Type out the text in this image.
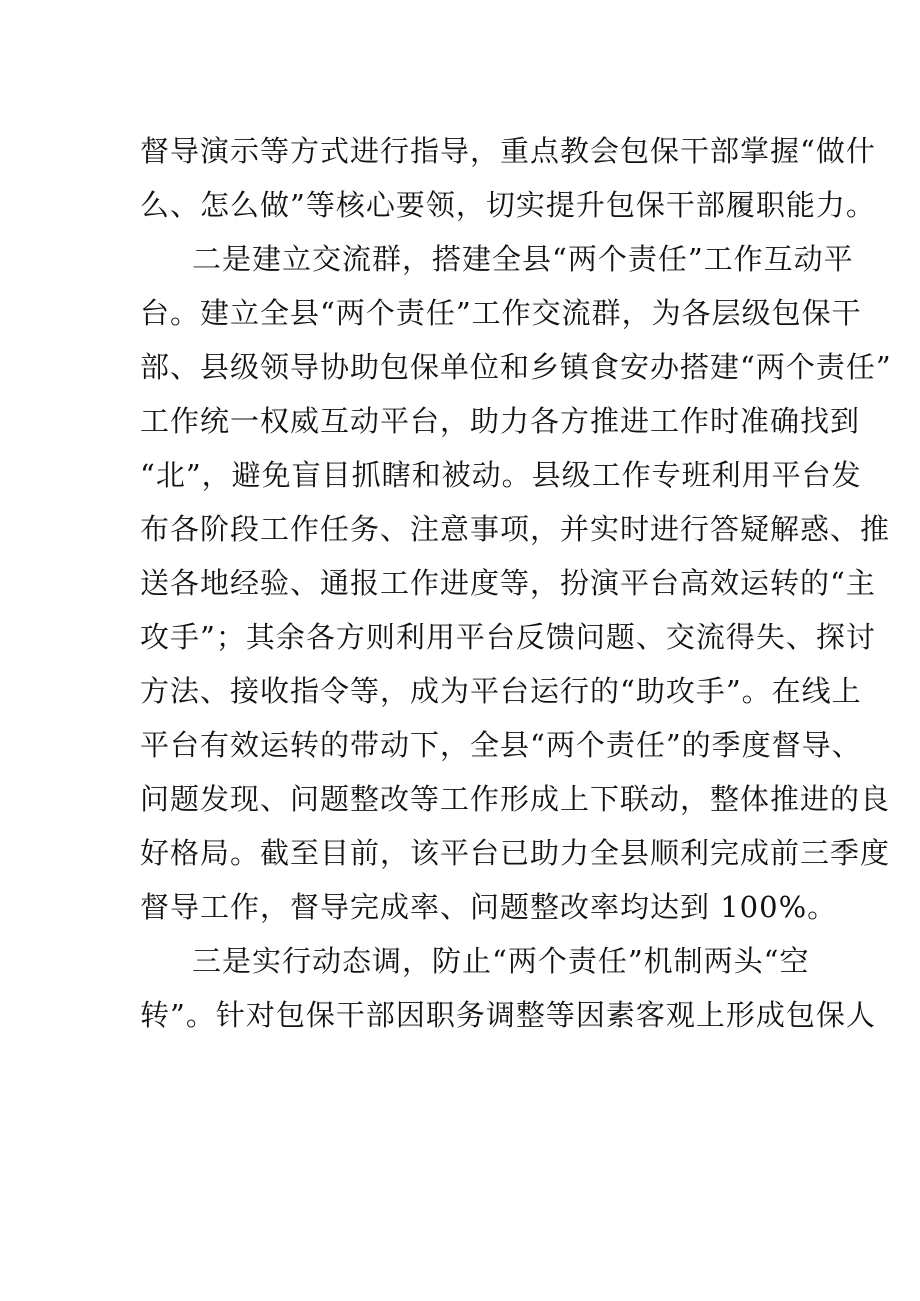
督导演示等方式进行指导，重点教会包保干部掌握“做什
么、怎么做”等核心要领，切实提升包保干部履职能力。
二是建立交流群，搭建全县“两个责任”工作互动平
台。建立全县“两个责任”工作交流群，为各层级包保干
部、县级领导协助包保单位和乡镇食安办搭建“两个责任”
工作统一权威互动平台，助力各方推进工作时准确找到
“北”，避免盲目抓瞎和被动。县级工作专班利用平台发
布各阶段工作任务、注意事项，并实时进行答疑解惑、推
送各地经验、通报工作进度等，扮演平台高效运转的“主
攻手”；其余各方则利用平台反馈问题、交流得失、探讨
方法、接收指令等，成为平台运行的“助攻手”。在线上
平台有效运转的带动下，全县“两个责任”的季度督导、
问题发现、问题整改等工作形成上下联动，整体推进的良
好格局。截至目前，该平台已助力全县顺利完成前三季度
督导工作，督导完成率、问题整改率均达到 100%。
三是实行动态调，防止“两个责任”机制两头“空
转”。针对包保干部因职务调整等因素客观上形成包保人
